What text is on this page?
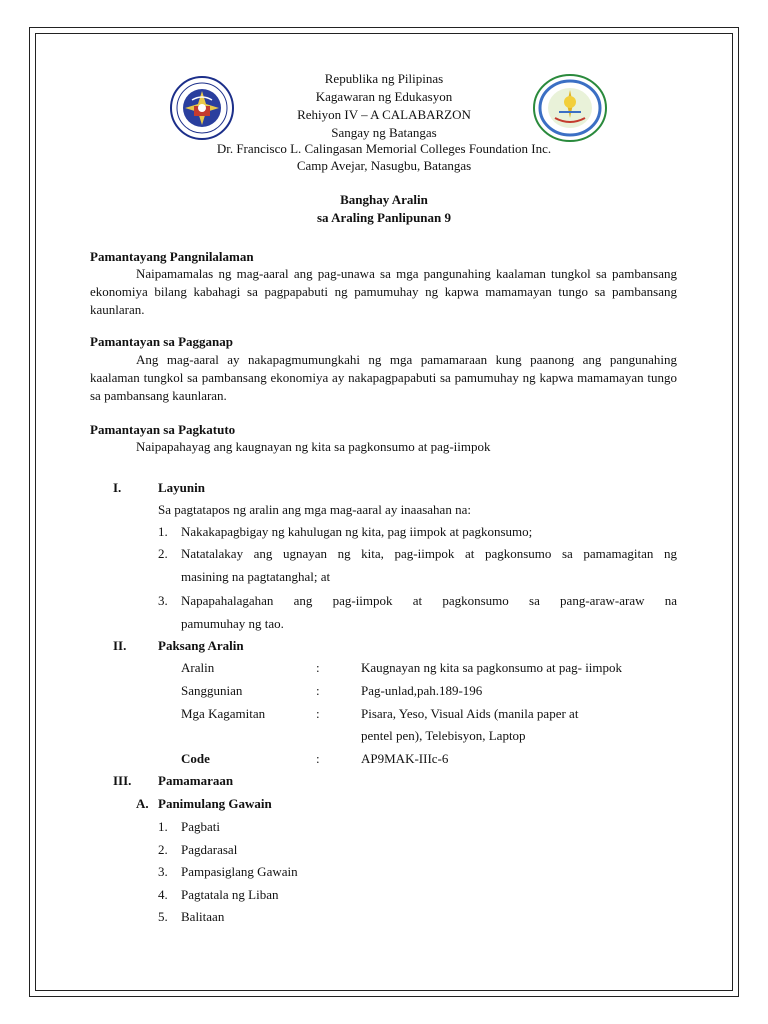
Republika ng Pilipinas
Kagawaran ng Edukasyon
Rehiyon IV – A CALABARZON
Sangay ng Batangas
Dr. Francisco L. Calingasan Memorial Colleges Foundation Inc.
Camp Avejar, Nasugbu, Batangas
Banghay Aralin
sa Araling Panlipunan 9
Pamantayang Pangnilalaman
Naipamamalas ng mag-aaral ang pag-unawa sa mga pangunahing kaalaman tungkol sa pambansang ekonomiya bilang kabahagi sa pagpapabuti ng pamumuhay ng kapwa mamamayan tungo sa pambansang kaunlaran.
Pamantayan sa Pagganap
Ang mag-aaral ay nakapagmumungkahi ng mga pamamaraan kung paanong ang pangunahing kaalaman tungkol sa pambansang ekonomiya ay nakapagpapabuti sa pamumuhay ng kapwa mamamayan tungo sa pambansang kaunlaran.
Pamantayan sa Pagkatuto
Naipapahayag ang kaugnayan ng kita sa pagkonsumo at pag-iimpok
I.	Layunin
Sa pagtatapos ng aralin ang mga mag-aaral ay inaasahan na:
1. Nakakapagbigay ng kahulugan ng kita, pag iimpok at pagkonsumo;
2. Natatalakay ang ugnayan ng kita, pag-iimpok at pagkonsumo sa pamamagitan ng
masining na pagtatanghal; at
3. Napapahalagahan ang pag-iimpok at pagkonsumo sa pang-araw-araw na
pamumuhay ng tao.
II. Paksang Aralin
Aralin	:	Kaugnayan ng kita sa pagkonsumo at pag- iimpok
Sanggunian	:	Pag-unlad,pah.189-196
Mga Kagamitan	:	Pisara, Yeso, Visual Aids (manila paper at
pentel pen), Telebisyon, Laptop
Code	:	AP9MAK-IIIc-6
III. Pamamaraan
A. Panimulang Gawain
1. Pagbati
2. Pagdarasal
3. Pampasiglang Gawain
4. Pagtatala ng Liban
5. Balitaan
